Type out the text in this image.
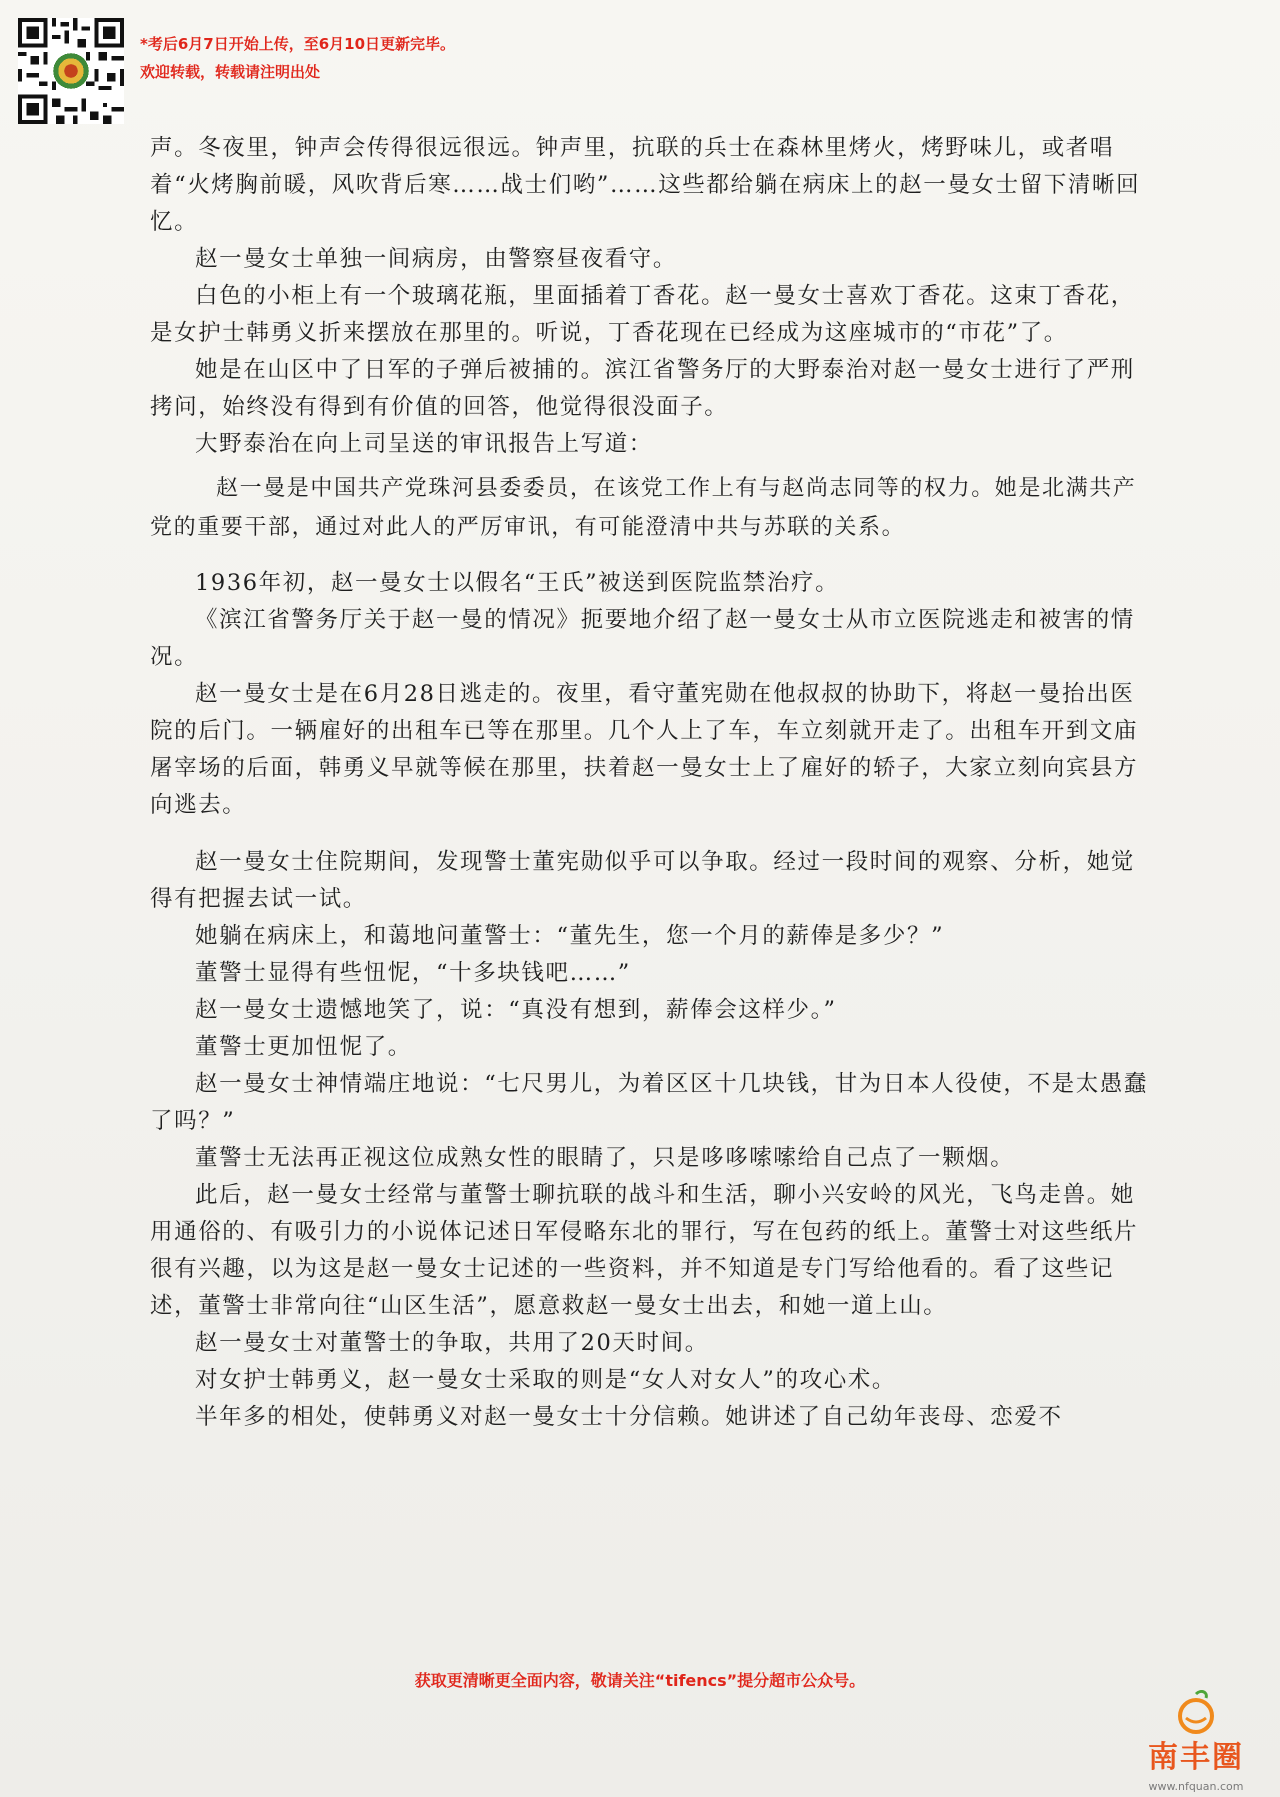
*考后6月7日开始上传，至6月10日更新完毕。
欢迎转载，转载请注明出处

声。冬夜里，钟声会传得很远很远。钟声里，抗联的兵士在森林里烤火，烤野味儿，或者唱着“火烤胸前暖，风吹背后寒……战士们哟”……这些都给躺在病床上的赵一曼女士留下清晰回忆。

赵一曼女士单独一间病房，由警察昼夜看守。

白色的小柜上有一个玻璃花瓶，里面插着丁香花。赵一曼女士喜欢丁香花。这束丁香花，是女护士韩勇义折来摆放在那里的。听说，丁香花现在已经成为这座城市的“市花”了。

她是在山区中了日军的子弹后被捕的。滨江省警务厅的大野泰治对赵一曼女士进行了严刑拷问，始终没有得到有价值的回答，他觉得很没面子。

大野泰治在向上司呈送的审讯报告上写道：

赵一曼是中国共产党珠河县委委员，在该党工作上有与赵尚志同等的权力。她是北满共产党的重要干部，通过对此人的严厉审讯，有可能澄清中共与苏联的关系。

1936年初，赵一曼女士以假名“王氏”被送到医院监禁治疗。

《滨江省警务厅关于赵一曼的情况》扼要地介绍了赵一曼女士从市立医院逃走和被害的情况。

赵一曼女士是在6月28日逃走的。夜里，看守董宪勋在他叔叔的协助下，将赵一曼抬出医院的后门。一辆雇好的出租车已等在那里。几个人上了车，车立刻就开走了。出租车开到文庙屠宰场的后面，韩勇义早就等候在那里，扶着赵一曼女士上了雇好的轿子，大家立刻向宾县方向逃去。

赵一曼女士住院期间，发现警士董宪勋似乎可以争取。经过一段时间的观察、分析，她觉得有把握去试一试。

她躺在病床上，和蔼地问董警士：“董先生，您一个月的薪俸是多少？”

董警士显得有些忸怩，“十多块钱吧……”

赵一曼女士遗憾地笑了，说：“真没有想到，薪俸会这样少。”

董警士更加忸怩了。

赵一曼女士神情端庄地说：“七尺男儿，为着区区十几块钱，甘为日本人役使，不是太愚蠢了吗？”

董警士无法再正视这位成熟女性的眼睛了，只是哆哆嗦嗦给自己点了一颗烟。

此后，赵一曼女士经常与董警士聊抗联的战斗和生活，聊小兴安岭的风光，飞鸟走兽。她用通俗的、有吸引力的小说体记述日军侵略东北的罪行，写在包药的纸上。董警士对这些纸片很有兴趣，以为这是赵一曼女士记述的一些资料，并不知道是专门写给他看的。看了这些记述，董警士非常向往“山区生活”，愿意救赵一曼女士出去，和她一道上山。

赵一曼女士对董警士的争取，共用了20天时间。

对女护士韩勇义，赵一曼女士采取的则是“女人对女人”的攻心术。

半年多的相处，使韩勇义对赵一曼女士十分信赖。她讲述了自己幼年丧母、恋爱不

获取更清晰更全面内容，敬请关注“tifencs”提分超市公众号。
南丰圈
www.nfquan.com
